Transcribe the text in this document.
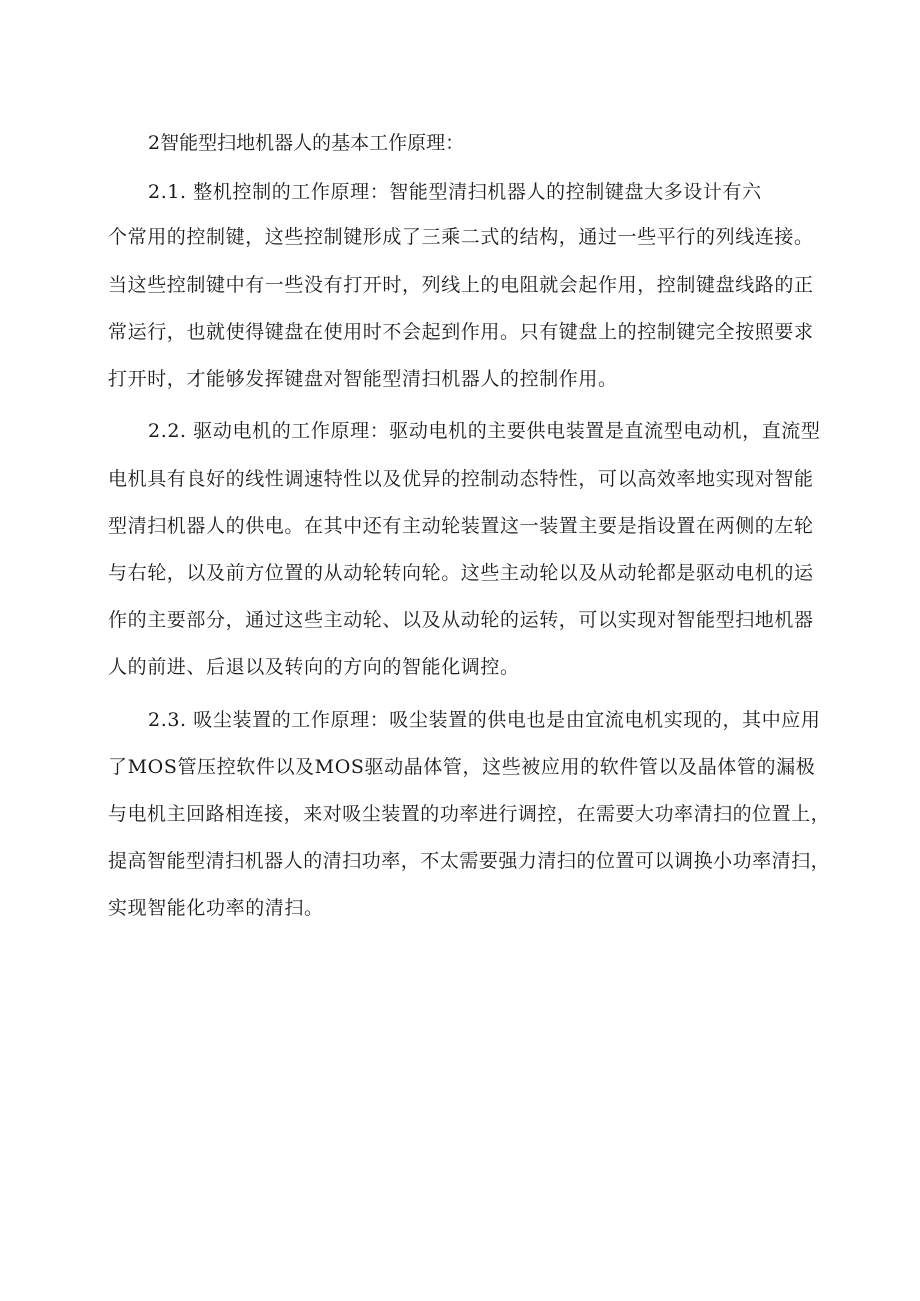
2智能型扫地机器人的基本工作原理：
2.1. 整机控制的工作原理：智能型清扫机器人的控制键盘大多设计有六
个常用的控制键，这些控制键形成了三乘二式的结构，通过一些平行的列线连接。
当这些控制键中有一些没有打开时，列线上的电阻就会起作用，控制键盘线路的正
常运行，也就使得键盘在使用时不会起到作用。只有键盘上的控制键完全按照要求
打开时，才能够发挥键盘对智能型清扫机器人的控制作用。
2.2. 驱动电机的工作原理：驱动电机的主要供电装置是直流型电动机，直流型
电机具有良好的线性调速特性以及优异的控制动态特性，可以高效率地实现对智能
型清扫机器人的供电。在其中还有主动轮装置这一装置主要是指设置在两侧的左轮
与右轮，以及前方位置的从动轮转向轮。这些主动轮以及从动轮都是驱动电机的运
作的主要部分，通过这些主动轮、以及从动轮的运转，可以实现对智能型扫地机器
人的前进、后退以及转向的方向的智能化调控。
2.3. 吸尘装置的工作原理：吸尘装置的供电也是由宜流电机实现的，其中应用
了MOS管压控软件以及MOS驱动晶体管，这些被应用的软件管以及晶体管的漏极
与电机主回路相连接，来对吸尘装置的功率进行调控，在需要大功率清扫的位置上，
提高智能型清扫机器人的清扫功率，不太需要强力清扫的位置可以调换小功率清扫，
实现智能化功率的清扫。
